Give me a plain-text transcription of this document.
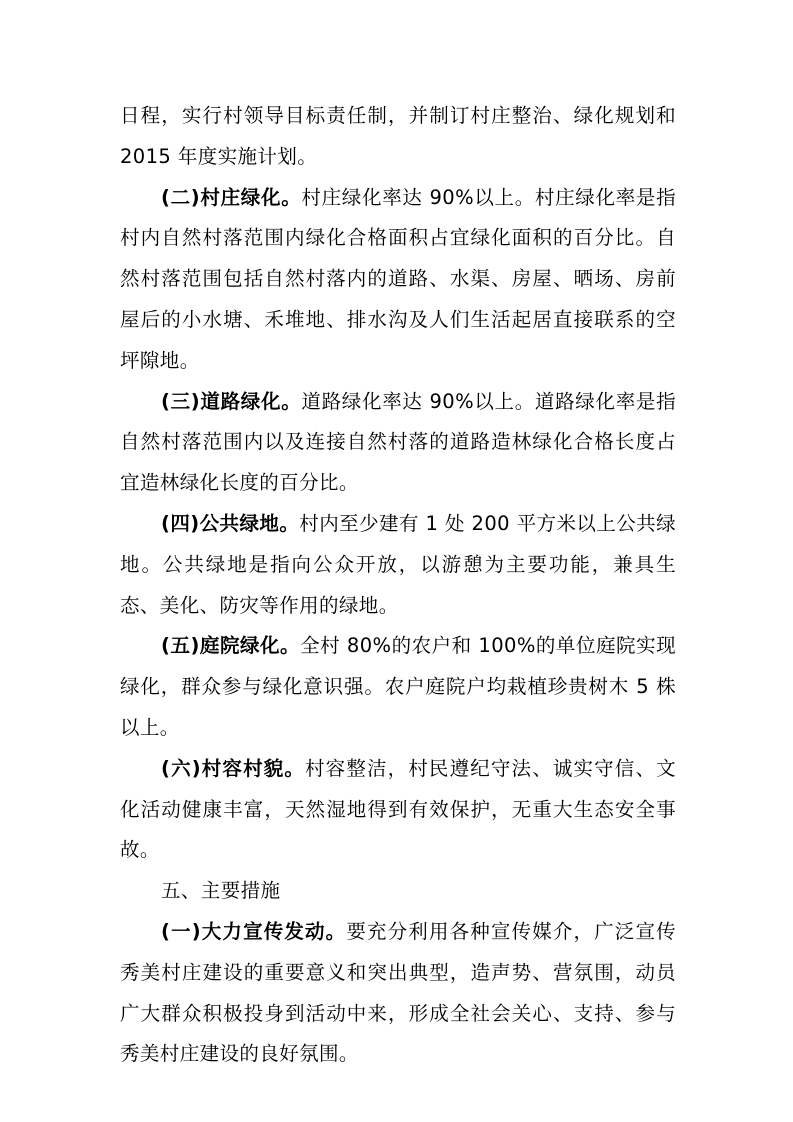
日程，实行村领导目标责任制，并制订村庄整治、绿化规划和 2015 年度实施计划。

(二)村庄绿化。村庄绿化率达 90%以上。村庄绿化率是指村内自然村落范围内绿化合格面积占宜绿化面积的百分比。自然村落范围包括自然村落内的道路、水渠、房屋、晒场、房前屋后的小水塘、禾堆地、排水沟及人们生活起居直接联系的空坪隙地。

(三)道路绿化。道路绿化率达 90%以上。道路绿化率是指自然村落范围内以及连接自然村落的道路造林绿化合格长度占宜造林绿化长度的百分比。

(四)公共绿地。村内至少建有 1 处 200 平方米以上公共绿地。公共绿地是指向公众开放，以游憩为主要功能，兼具生态、美化、防灾等作用的绿地。

(五)庭院绿化。全村 80%的农户和 100%的单位庭院实现绿化，群众参与绿化意识强。农户庭院户均栽植珍贵树木 5 株以上。

(六)村容村貌。村容整洁，村民遵纪守法、诚实守信、文化活动健康丰富，天然湿地得到有效保护，无重大生态安全事故。

五、主要措施

(一)大力宣传发动。要充分利用各种宣传媒介，广泛宣传秀美村庄建设的重要意义和突出典型，造声势、营氛围，动员广大群众积极投身到活动中来，形成全社会关心、支持、参与秀美村庄建设的良好氛围。
